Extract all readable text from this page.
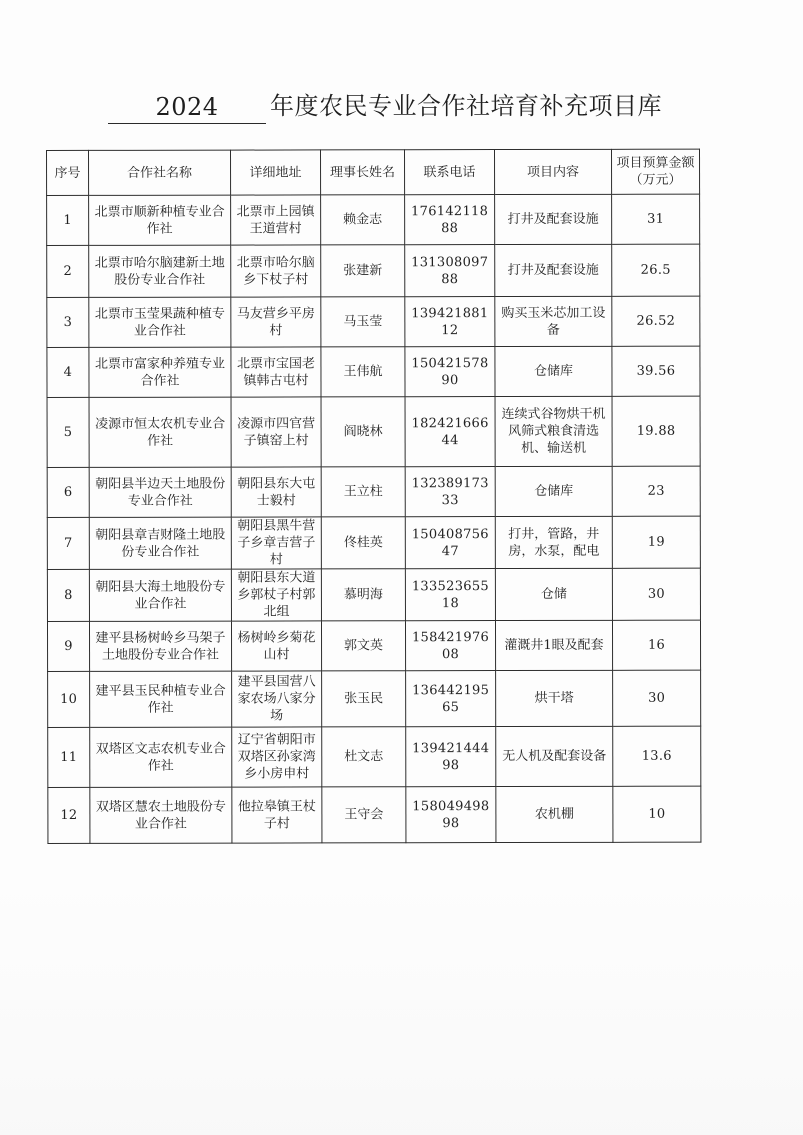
2024	年度农民专业合作社培育补充项目库
序号	合作社名称	详细地址	理事长姓名	联系电话	项目内容	项目预算金额（万元）
1	北票市顺新种植专业合作社	北票市上园镇王道营村	赖金志	17614211888	打井及配套设施	31
2	北票市哈尔脑建新土地股份专业合作社	北票市哈尔脑乡下杖子村	张建新	13130809788	打井及配套设施	26.5
3	北票市玉莹果蔬种植专业合作社	马友营乡平房村	马玉莹	13942188112	购买玉米芯加工设备	26.52
4	北票市富家种养殖专业合作社	北票市宝国老镇韩古屯村	王伟航	15042157890	仓储库	39.56
5	凌源市恒太农机专业合作社	凌源市四官营子镇窑上村	阎晓林	18242166644	连续式谷物烘干机风筛式粮食清选机、输送机	19.88
6	朝阳县半边天土地股份专业合作社	朝阳县东大屯士毅村	王立柱	13238917333	仓储库	23
7	朝阳县章吉财隆土地股份专业合作社	朝阳县黑牛营子乡章吉营子村	佟桂英	15040875647	打井，管路，井房，水泵，配电	19
8	朝阳县大海土地股份专业合作社	朝阳县东大道乡郭杖子村郭北组	慕明海	13352365518	仓储	30
9	建平县杨树岭乡马架子土地股份专业合作社	杨树岭乡菊花山村	郭文英	15842197608	灌溉井1眼及配套	16
10	建平县玉民种植专业合作社	建平县国营八家农场八家分场	张玉民	13644219565	烘干塔	30
11	双塔区文志农机专业合作社	辽宁省朝阳市双塔区孙家湾乡小房申村	杜文志	13942144498	无人机及配套设备	13.6
12	双塔区慧农土地股份专业合作社	他拉皋镇王杖子村	王守会	15804949898	农机棚	10
